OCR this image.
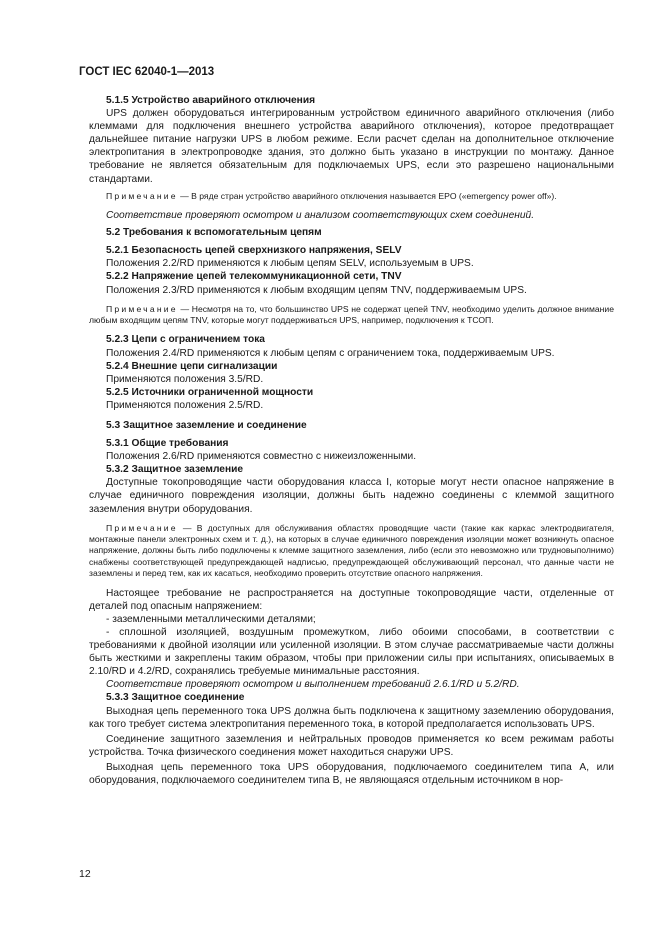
ГОСТ IEC 62040-1—2013
5.1.5 Устройство аварийного отключения
UPS должен оборудоваться интегрированным устройством единичного аварийного отключения (либо клеммами для подключения внешнего устройства аварийного отключения), которое предотвращает дальнейшее питание нагрузки UPS в любом режиме. Если расчет сделан на дополнительное отключение электропитания в электропроводке здания, это должно быть указано в инструкции по монтажу. Данное требование не является обязательным для подключаемых UPS, если это разрешено национальными стандартами.
Примечание — В ряде стран устройство аварийного отключения называется EPO («emergency power off»).
Соответствие проверяют осмотром и анализом соответствующих схем соединений.
5.2 Требования к вспомогательным цепям
5.2.1 Безопасность цепей сверхнизкого напряжения, SELV
Положения 2.2/RD применяются к любым цепям SELV, используемым в UPS.
5.2.2 Напряжение цепей телекоммуникационной сети, TNV
Положения 2.3/RD применяются к любым входящим цепям TNV, поддерживаемым UPS.
Примечание — Несмотря на то, что большинство UPS не содержат цепей TNV, необходимо уделить должное внимание любым входящим цепям TNV, которые могут поддерживаться UPS, например, подключения к ТСОП.
5.2.3 Цепи с ограничением тока
Положения 2.4/RD применяются к любым цепям с ограничением тока, поддерживаемым UPS.
5.2.4 Внешние цепи сигнализации
Применяются положения 3.5/RD.
5.2.5 Источники ограниченной мощности
Применяются положения 2.5/RD.
5.3 Защитное заземление и соединение
5.3.1 Общие требования
Положения 2.6/RD применяются совместно с нижеизложенными.
5.3.2 Защитное заземление
Доступные токопроводящие части оборудования класса I, которые могут нести опасное напряжение в случае единичного повреждения изоляции, должны быть надежно соединены с клеммой защитного заземления внутри оборудования.
Примечание — В доступных для обслуживания областях проводящие части (такие как каркас электродвигателя, монтажные панели электронных схем и т. д.), на которых в случае единичного повреждения изоляции может возникнуть опасное напряжение, должны быть либо подключены к клемме защитного заземления, либо (если это невозможно или трудновыполнимо) снабжены соответствующей предупреждающей надписью, предупреждающей обслуживающий персонал, что данные части не заземлены и перед тем, как их касаться, необходимо проверить отсутствие опасного напряжения.
Настоящее требование не распространяется на доступные токопроводящие части, отделенные от деталей под опасным напряжением:
- заземленными металлическими деталями;
- сплошной изоляцией, воздушным промежутком, либо обоими способами, в соответствии с требованиями к двойной изоляции или усиленной изоляции. В этом случае рассматриваемые части должны быть жесткими и закреплены таким образом, чтобы при приложении силы при испытаниях, описываемых в 2.10/RD и 4.2/RD, сохранялись требуемые минимальные расстояния.
Соответствие проверяют осмотром и выполнением требований 2.6.1/RD и 5.2/RD.
5.3.3 Защитное соединение
Выходная цепь переменного тока UPS должна быть подключена к защитному заземлению оборудования, как того требует система электропитания переменного тока, в которой предполагается использовать UPS.
Соединение защитного заземления и нейтральных проводов применяется ко всем режимам работы устройства. Точка физического соединения может находиться снаружи UPS.
Выходная цепь переменного тока UPS оборудования, подключаемого соединителем типа А, или оборудования, подключаемого соединителем типа В, не являющаяся отдельным источником в нор-
12
